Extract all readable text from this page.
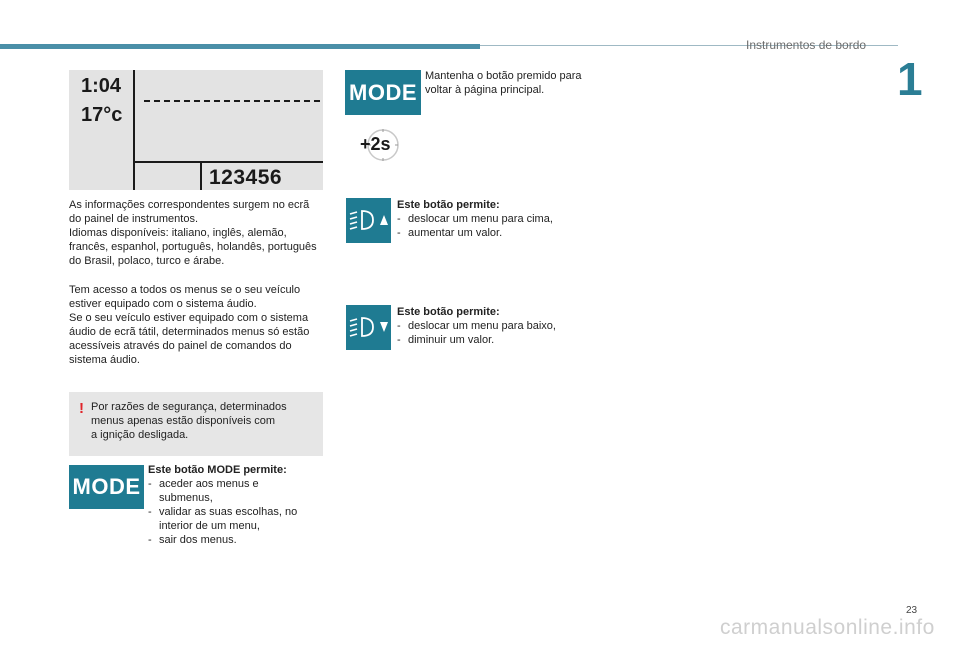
Instrumentos de bordo
1
1:04
17°c
123456
As informações correspondentes surgem no ecrã
do painel de instrumentos.
Idiomas disponíveis: italiano, inglês, alemão,
francês, espanhol, português, holandês, português
do Brasil, polaco, turco e árabe.
Tem acesso a todos os menus se o seu veículo
estiver equipado com o sistema áudio.
Se o seu veículo estiver equipado com o sistema
áudio de ecrã tátil, determinados menus só estão
acessíveis através do painel de comandos do
sistema áudio.
! Por razões de segurança, determinados
menus apenas estão disponíveis com
a ignição desligada.
MODE
Este botão MODE permite:
- aceder aos menus e
submenus,
- validar as suas escolhas, no
interior de um menu,
- sair dos menus.
MODE
Mantenha o botão premido para
voltar à página principal.
+2s
Este botão permite:
- deslocar um menu para cima,
- aumentar um valor.
Este botão permite:
- deslocar um menu para baixo,
- diminuir um valor.
23
carmanualsonline.info
